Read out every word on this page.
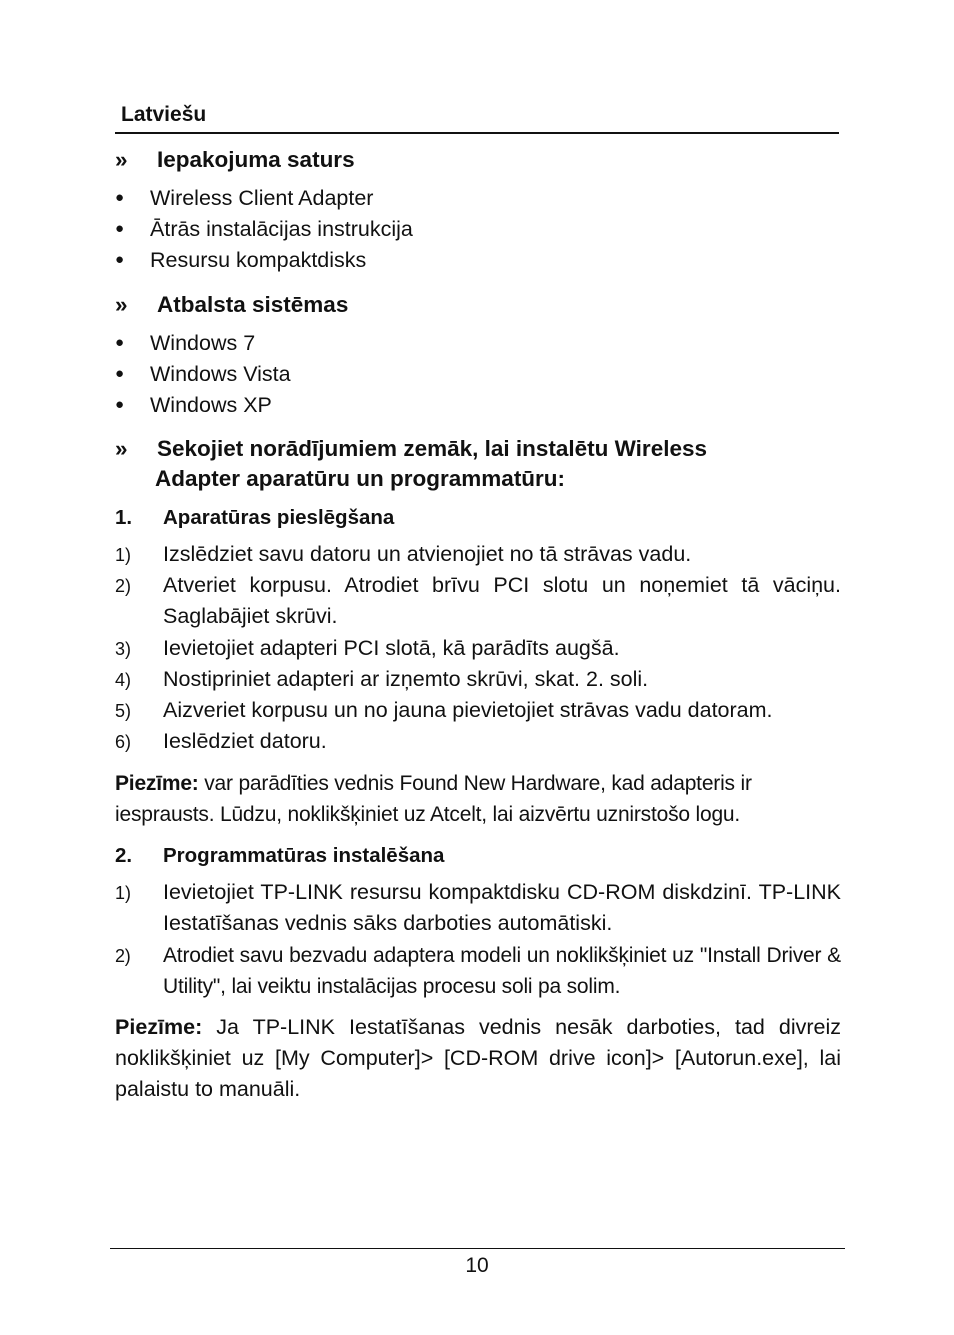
Latviešu
» Iepakojuma saturs
● Wireless Client Adapter
● Ātrās instalācijas instrukcija
● Resursu kompaktdisks
» Atbalsta sistēmas
● Windows 7
● Windows Vista
● Windows XP
» Sekojiet norādījumiem zemāk, lai instalētu Wireless
Adapter aparatūru un programmatūru:
1. Aparatūras pieslēgšana
1) Izslēdziet savu datoru un atvienojiet no tā strāvas vadu.
2) Atveriet korpusu. Atrodiet brīvu PCI slotu un noņemiet tā vāciņu. Saglabājiet skrūvi.
3) Ievietojiet adapteri PCI slotā, kā parādīts augšā.
4) Nostipriniet adapteri ar izņemto skrūvi, skat. 2. soli.
5) Aizveriet korpusu un no jauna pievietojiet strāvas vadu datoram.
6) Ieslēdziet datoru.
Piezīme: var parādīties vednis Found New Hardware, kad adapteris ir iesprausts. Lūdzu, noklikšķiniet uz Atcelt, lai aizvērtu uznirstošo logu.
2. Programmatūras instalēšana
1) Ievietojiet TP-LINK resursu kompaktdisku CD-ROM diskdzinī. TP-LINK Iestatīšanas vednis sāks darboties automātiski.
2) Atrodiet savu bezvadu adaptera modeli un noklikšķiniet uz "Install Driver & Utility", lai veiktu instalācijas procesu soli pa solim.
Piezīme: Ja TP-LINK Iestatīšanas vednis nesāk darboties, tad divreiz noklikšķiniet uz [My Computer]> [CD-ROM drive icon]> [Autorun.exe], lai palaistu to manuāli.
10
